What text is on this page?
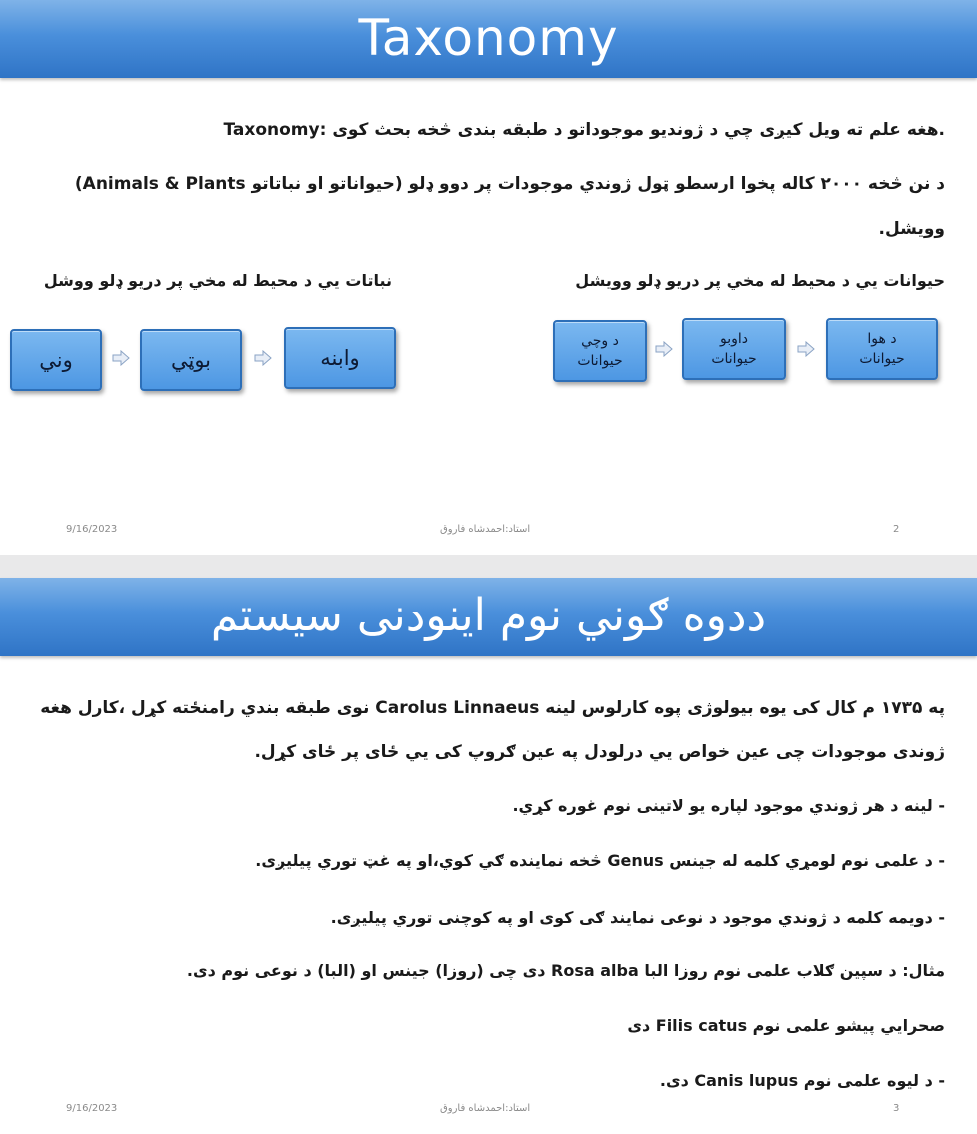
Taxonomy
Taxonomy: هغه علم ته ویل کیږی چي د ژوندیو موجوداتو د طبقه بندی څخه بحث کوی.
د نن څخه ۲۰۰۰ کاله پخوا ارسطو ټول ژوندي موجودات پر دوو ډلو (حیواناتو او نباتاتو Animals & Plants)
وویشل.
حیوانات يي د محیط له مخي پر دریو ډلو وویشل
نباتات يي د محیط له مخي پر دریو ډلو ووشل
د هوا
حیوانات
داوبو
حیوانات
د وچي
حیوانات
وابنه
بوټي
وني
9/16/2023	استاد:احمدشاه فاروق	2
ددوه ګوني نوم اینودنی سیستم
په ۱۷۳۵ م کال کی یوه بیولوژی پوه کارلوس لینه Carolus Linnaeus نوی طبقه بندي رامنځته کړل ،کارل هغه
ژوندی موجودات چی عین خواص يي درلودل په عین ګروپ کی يي ځای پر ځای کړل.
- لینه د هر ژوندي موجود لپاره یو لاتینی نوم غوره کړي.
- د علمی نوم لومړي کلمه له جینس Genus څخه نماینده ګي کوي،او په غټ توري پیلیږی.
- دویمه کلمه د ژوندي موجود د نوعی نمایند ګی کوی او په کوچنی توري پیلیږی.
مثال: د سپین ګلاب علمی نوم روزا البا Rosa alba دی چی (روزا) جینس او (البا) د نوعی نوم دی.
صحرایي پیشو علمی نوم Filis catus دی
- د لیوه علمی نوم Canis lupus دی.
9/16/2023	استاد:احمدشاه فاروق	3
